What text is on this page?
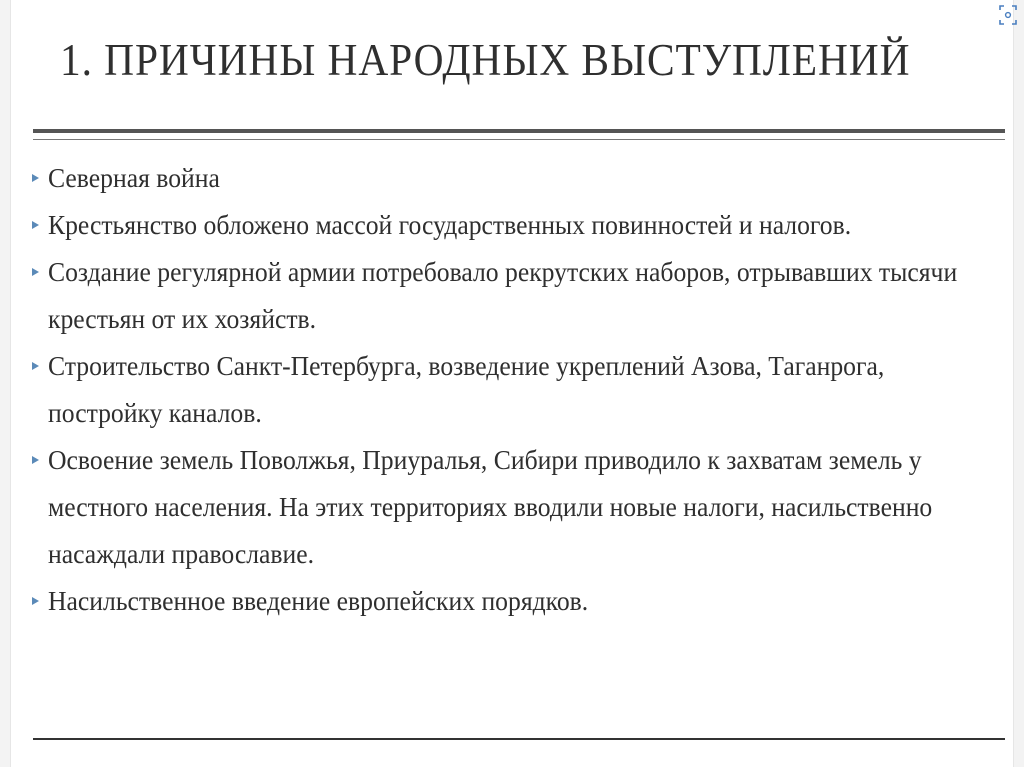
1. ПРИЧИНЫ НАРОДНЫХ ВЫСТУПЛЕНИЙ
Северная война
Крестьянство обложено массой государственных повинностей и налогов.
Создание регулярной армии потребовало рекрутских наборов, отрывавших тысячи крестьян от их хозяйств.
Строительство Санкт-Петербурга, возведение укреплений Азова, Таганрога, постройку каналов.
Освоение земель Поволжья, Приуралья, Сибири приводило к захватам земель у местного населения. На этих территориях вводили новые налоги, насильственно насаждали православие.
Насильственное введение европейских порядков.
